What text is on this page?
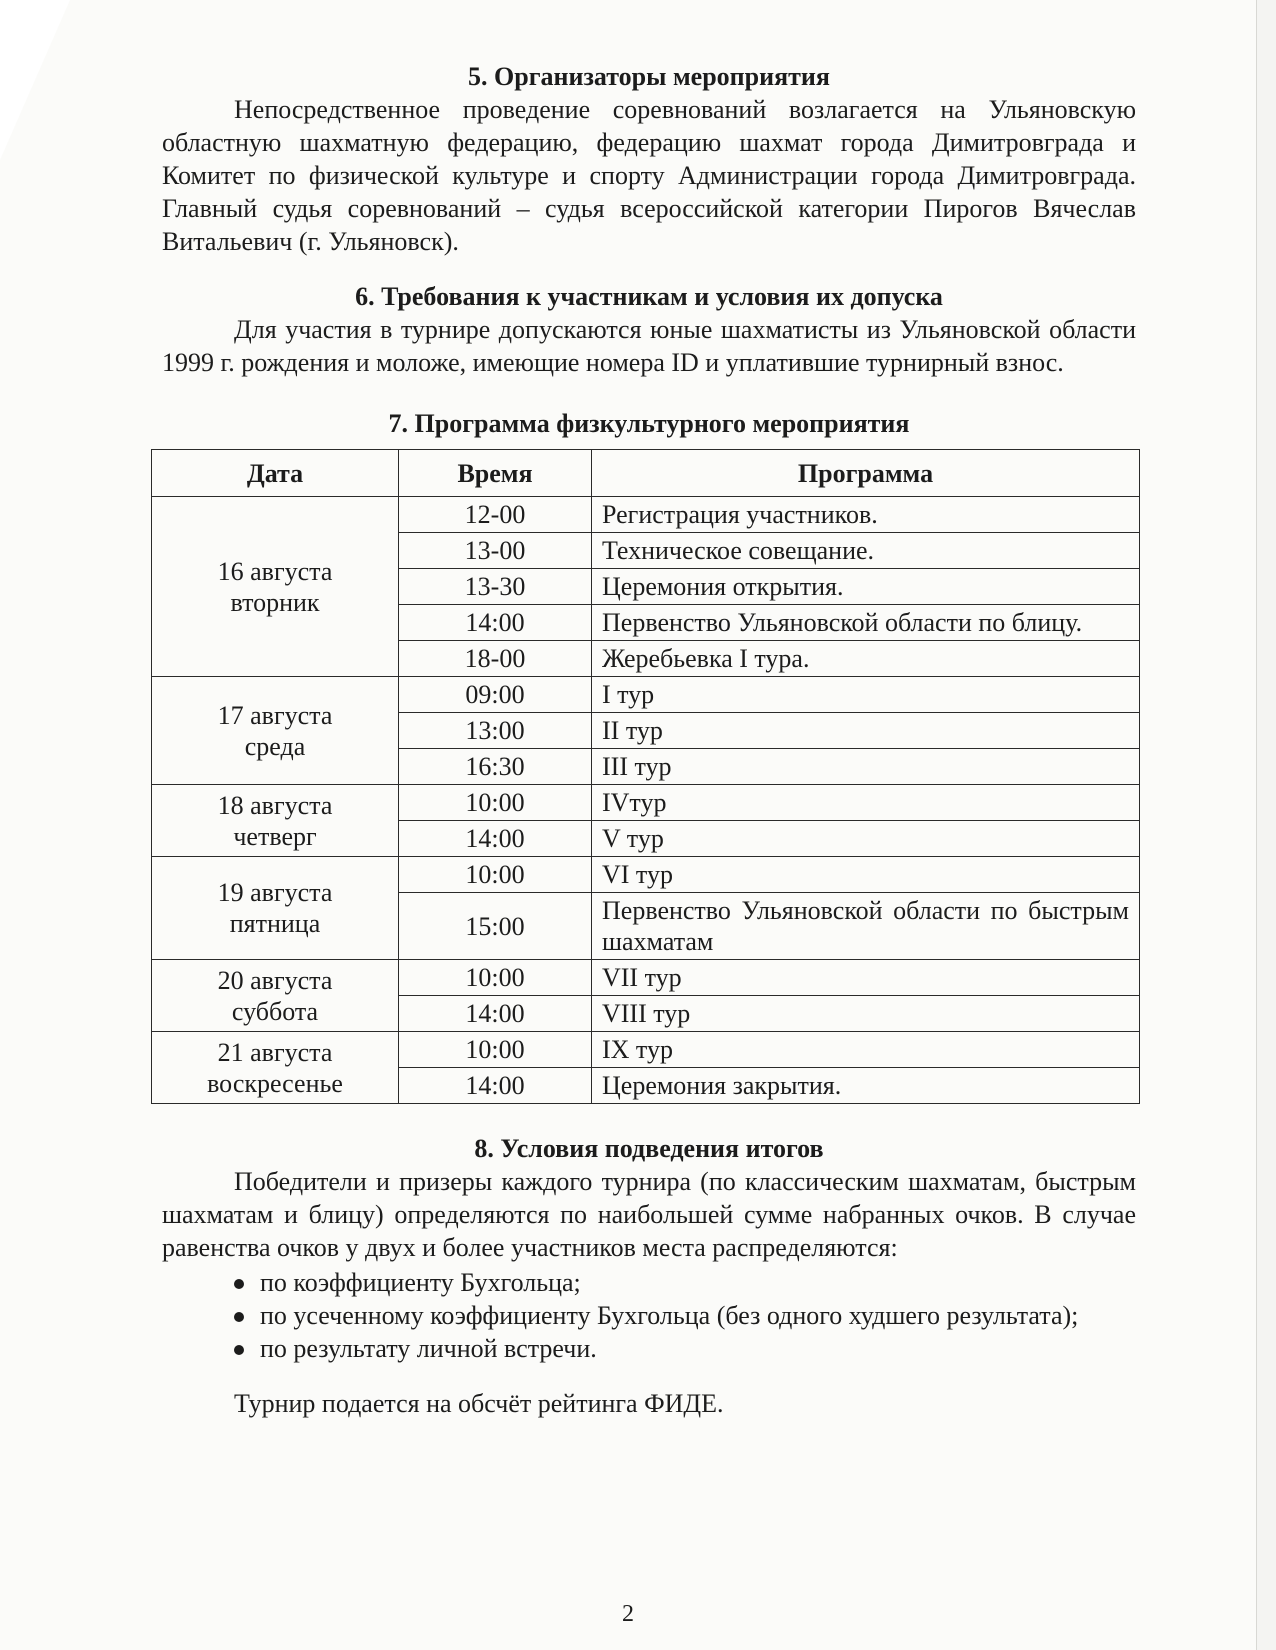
5. Организаторы мероприятия

Непосредственное проведение соревнований возлагается на Ульяновскую областную шахматную федерацию, федерацию шахмат города Димитровграда и Комитет по физической культуре и спорту Администрации города Димитровграда. Главный судья соревнований – судья всероссийской категории Пирогов Вячеслав Витальевич (г. Ульяновск).

6. Требования к участникам и условия их допуска

Для участия в турнире допускаются юные шахматисты из Ульяновской области 1999 г. рождения и моложе, имеющие номера ID и уплатившие турнирный взнос.

7. Программа физкультурного мероприятия
Дата	Время	Программа

16 августа
вторник	12-00	Регистрация участников.
	13-00	Техническое совещание.
	13-30	Церемония открытия.
	14:00	Первенство Ульяновской области по блицу.
	18-00	Жеребьевка I тура.

17 августа
среда	09:00	I тур
	13:00	II тур
	16:30	III тур

18 августа
четверг	10:00	IVтур
	14:00	V тур

19 августа
пятница	10:00	VI тур
	15:00	Первенство Ульяновской области по быстрым шахматам

20 августа
суббота	10:00	VII тур
	14:00	VIII тур

21 августа
воскресенье	10:00	IX тур
	14:00	Церемония закрытия.
8. Условия подведения итогов

Победители и призеры каждого турнира (по классическим шахматам, быстрым шахматам и блицу) определяются по наибольшей сумме набранных очков. В случае равенства очков у двух и более участников места распределяются:

по коэффициенту Бухгольца;
по усеченному коэффициенту Бухгольца (без одного худшего результата);
по результату личной встречи.

Турнир подается на обсчёт рейтинга ФИДЕ.

2
